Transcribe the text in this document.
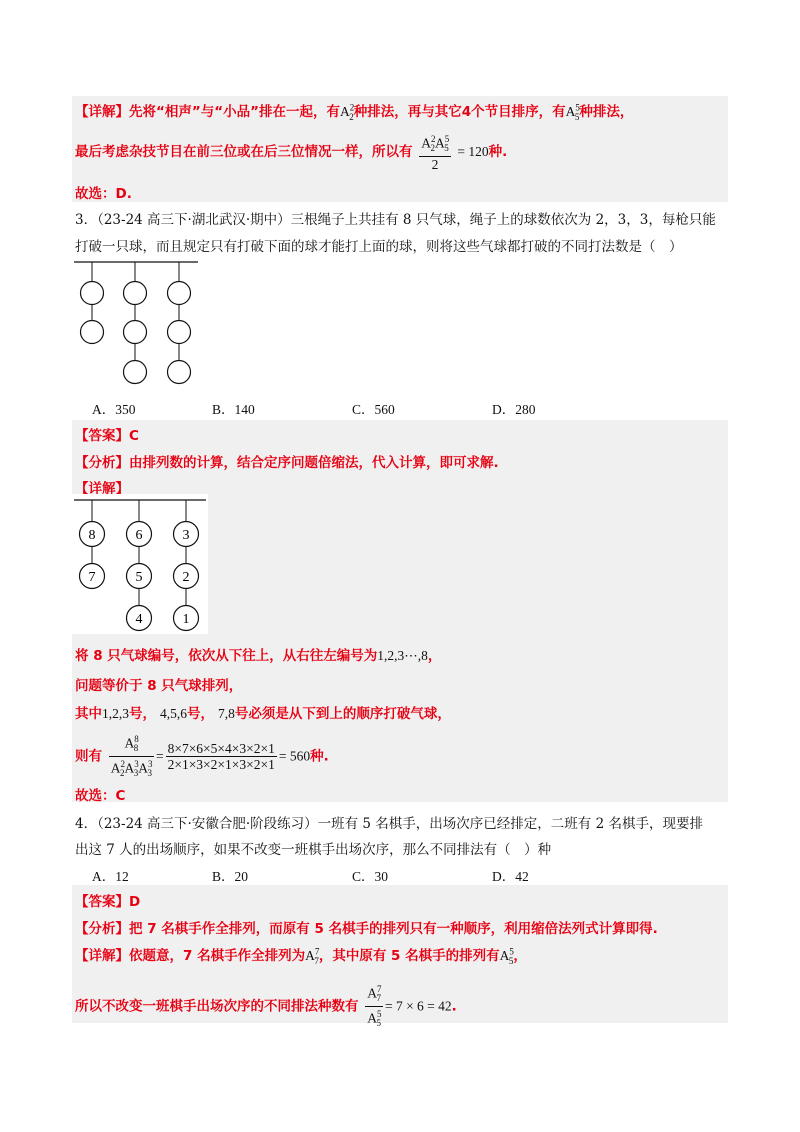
【详解】先将“相声”与“小品”排在一起，有$A^2_2$种排法，再与其它4个节目排序，有$A^5_5$种排法，
最后考虑杂技节目在前三位或在后三位情况一样，所以有 $\frac{A^2_2A^5_5}{2} = 120$种.
故选：D.
3．（23-24 高三下·湖北武汉·期中）三根绳子上共挂有 8 只气球，绳子上的球数依次为 2，3，3，每枪只能
打破一只球，而且规定只有打破下面的球才能打上面的球，则将这些气球都打破的不同打法数是（　）
A．350	B．140	C．560	D．280
【答案】C
【分析】由排列数的计算，结合定序问题倍缩法，代入计算，即可求解.
【详解】
8
7
6
5
4
3
2
1
将 8 只气球编号，依次从下往上，从右往左编号为1,2,3⋯,8，
问题等价于 8 只气球排列，
其中1,2,3号， 4,5,6号， 7,8号必须是从下到上的顺序打破气球，
则有 $\frac{A^8_8}{A^2_2A^3_3A^3_3} = \frac{8\times 7\times 6\times 5\times 4\times 3\times 2\times 1}{2\times 1\times 3\times 2\times 1\times 3\times 2\times 1} = 560$种.
故选：C
4．（23-24 高三下·安徽合肥·阶段练习）一班有 5 名棋手，出场次序已经排定，二班有 2 名棋手，现要排
出这 7 人的出场顺序，如果不改变一班棋手出场次序，那么不同排法有（　）种
A．12	B．20	C．30	D．42
【答案】D
【分析】把 7 名棋手作全排列，而原有 5 名棋手的排列只有一种顺序，利用缩倍法列式计算即得.
【详解】依题意，7 名棋手作全排列为$A^7_7$，其中原有 5 名棋手的排列有$A^5_5$，
所以不改变一班棋手出场次序的不同排法种数有 $\frac{A^7_7}{A^5_5} = 7 \times 6 = 42$.
